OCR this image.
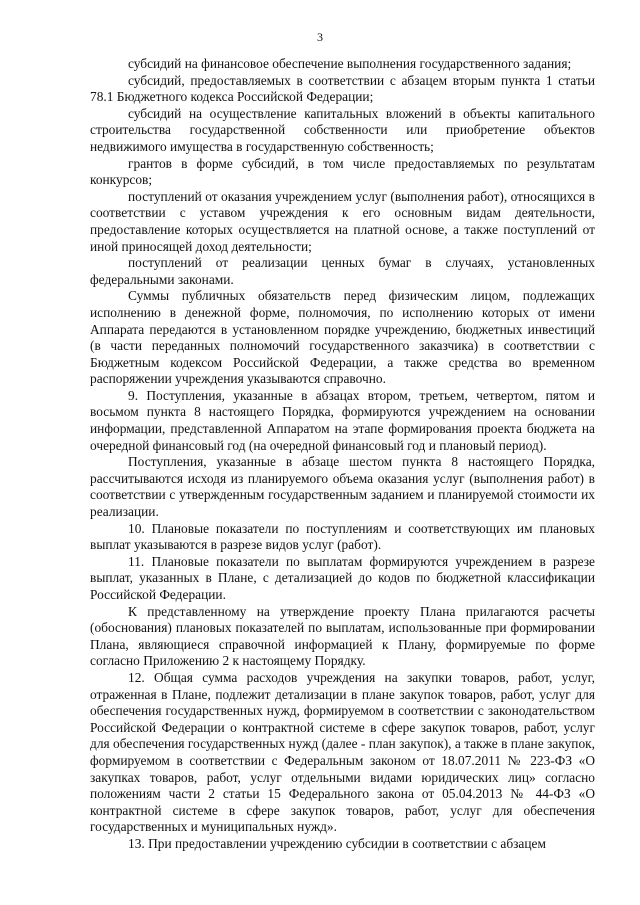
3

субсидий на финансовое обеспечение выполнения государственного задания;

субсидий, предоставляемых в соответствии с абзацем вторым пункта 1 статьи 78.1 Бюджетного кодекса Российской Федерации;

субсидий на осуществление капитальных вложений в объекты капитального строительства государственной собственности или приобретение объектов недвижимого имущества в государственную собственность;

грантов в форме субсидий, в том числе предоставляемых по результатам конкурсов;

поступлений от оказания учреждением услуг (выполнения работ), относящихся в соответствии с уставом учреждения к его основным видам деятельности, предоставление которых осуществляется на платной основе, а также поступлений от иной приносящей доход деятельности;

поступлений от реализации ценных бумаг в случаях, установленных федеральными законами.

Суммы публичных обязательств перед физическим лицом, подлежащих исполнению в денежной форме, полномочия, по исполнению которых от имени Аппарата передаются в установленном порядке учреждению, бюджетных инвестиций (в части переданных полномочий государственного заказчика) в соответствии с Бюджетным кодексом Российской Федерации, а также средства во временном распоряжении учреждения указываются справочно.

9. Поступления, указанные в абзацах втором, третьем, четвертом, пятом и восьмом пункта 8 настоящего Порядка, формируются учреждением на основании информации, представленной Аппаратом на этапе формирования проекта бюджета на очередной финансовый год (на очередной финансовый год и плановый период).

Поступления, указанные в абзаце шестом пункта 8 настоящего Порядка, рассчитываются исходя из планируемого объема оказания услуг (выполнения работ) в соответствии с утвержденным государственным заданием и планируемой стоимости их реализации.

10. Плановые показатели по поступлениям и соответствующих им плановых выплат указываются в разрезе видов услуг (работ).

11. Плановые показатели по выплатам формируются учреждением в разрезе выплат, указанных в Плане, с детализацией до кодов по бюджетной классификации Российской Федерации.

К представленному на утверждение проекту Плана прилагаются расчеты (обоснования) плановых показателей по выплатам, использованные при формировании Плана, являющиеся справочной информацией к Плану, формируемые по форме согласно Приложению 2 к настоящему Порядку.

12. Общая сумма расходов учреждения на закупки товаров, работ, услуг, отраженная в Плане, подлежит детализации в плане закупок товаров, работ, услуг для обеспечения государственных нужд, формируемом в соответствии с законодательством Российской Федерации о контрактной системе в сфере закупок товаров, работ, услуг для обеспечения государственных нужд (далее - план закупок), а также в плане закупок, формируемом в соответствии с Федеральным законом от 18.07.2011 № 223-ФЗ «О закупках товаров, работ, услуг отдельными видами юридических лиц» согласно положениям части 2 статьи 15 Федерального закона от 05.04.2013 № 44-ФЗ «О контрактной системе в сфере закупок товаров, работ, услуг для обеспечения государственных и муниципальных нужд».

13. При предоставлении учреждению субсидии в соответствии с абзацем
